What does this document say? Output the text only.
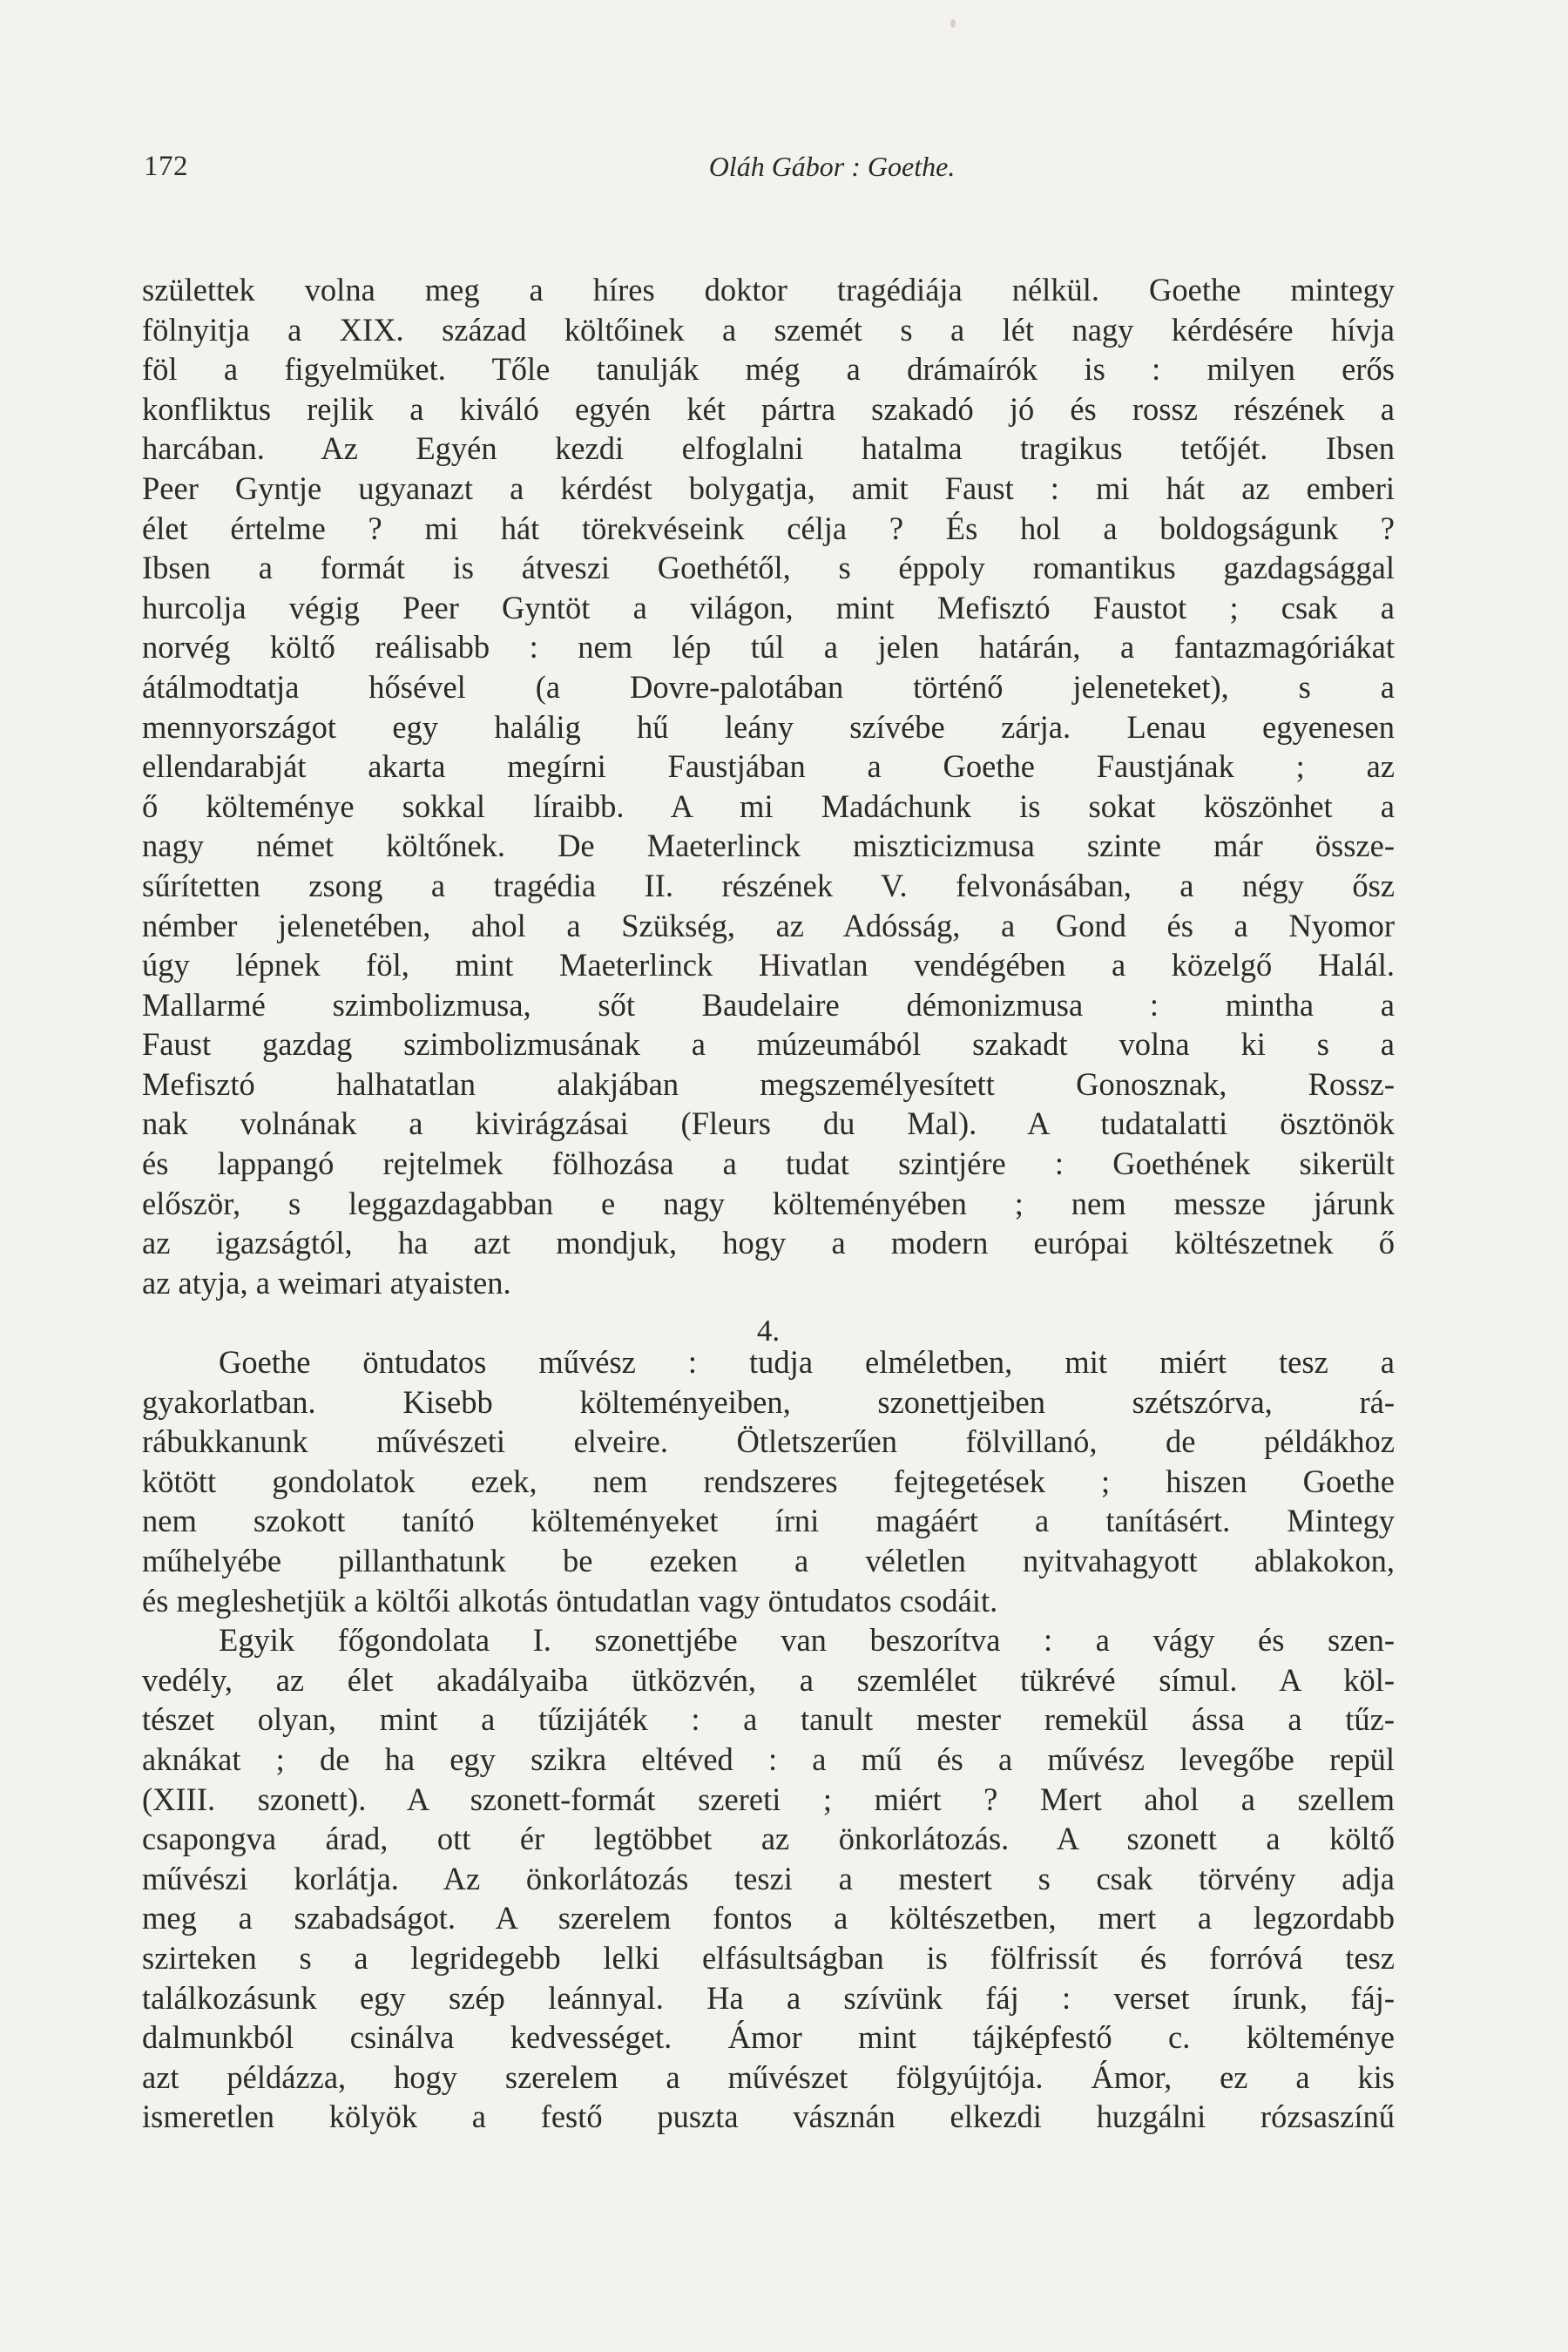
172	Oláh Gábor : Goethe.
születtek volna meg a híres doktor tragédiája nélkül. Goethe mintegy
fölnyitja a XIX. század költőinek a szemét s a lét nagy kérdésére hívja
föl a figyelmüket. Tőle tanulják még a drámaírók is : milyen erős
konfliktus rejlik a kiváló egyén két pártra szakadó jó és rossz részének a
harcában. Az Egyén kezdi elfoglalni hatalma tragikus tetőjét. Ibsen
Peer Gyntje ugyanazt a kérdést bolygatja, amit Faust : mi hát az emberi
élet értelme ? mi hát törekvéseink célja ? És hol a boldogságunk ?
Ibsen a formát is átveszi Goethétől, s éppoly romantikus gazdagsággal
hurcolja végig Peer Gyntöt a világon, mint Mefisztó Faustot ; csak a
norvég költő reálisabb : nem lép túl a jelen határán, a fantazmagóriákat
átálmodtatja hősével (a Dovre-palotában történő jeleneteket), s a
mennyországot egy halálig hű leány szívébe zárja. Lenau egyenesen
ellendarabját akarta megírni Faustjában a Goethe Faustjának ; az
ő költeménye sokkal líraibb. A mi Madáchunk is sokat köszönhet a
nagy német költőnek. De Maeterlinck miszticizmusa szinte már össze-
sűrítetten zsong a tragédia II. részének V. felvonásában, a négy ősz
némber jelenetében, ahol a Szükség, az Adósság, a Gond és a Nyomor
úgy lépnek föl, mint Maeterlinck Hivatlan vendégében a közelgő Halál.
Mallarmé szimbolizmusa, sőt Baudelaire démonizmusa : mintha a
Faust gazdag szimbolizmusának a múzeumából szakadt volna ki s a
Mefisztó halhatatlan alakjában megszemélyesített Gonosznak, Rossz-
nak volnának a kivirágzásai (Fleurs du Mal). A tudatalatti ösztönök
és lappangó rejtelmek fölhozása a tudat szintjére : Goethének sikerült
először, s leggazdagabban e nagy költeményében ; nem messze járunk
az igazságtól, ha azt mondjuk, hogy a modern európai költészetnek ő
az atyja, a weimari atyaisten.
4.
Goethe öntudatos művész : tudja elméletben, mit miért tesz a
gyakorlatban. Kisebb költeményeiben, szonettjeiben szétszórva, rá-
rábukkanunk művészeti elveire. Ötletszerűen fölvillanó, de példákhoz
kötött gondolatok ezek, nem rendszeres fejtegetések ; hiszen Goethe
nem szokott tanító költeményeket írni magáért a tanításért. Mintegy
műhelyébe pillanthatunk be ezeken a véletlen nyitvahagyott ablakokon,
és megleshetjük a költői alkotás öntudatlan vagy öntudatos csodáit.
Egyik főgondolata I. szonettjébe van beszorítva : a vágy és szen-
vedély, az élet akadályaiba ütközvén, a szemlélet tükrévé símul. A köl-
tészet olyan, mint a tűzijáték : a tanult mester remekül ássa a tűz-
aknákat ; de ha egy szikra eltéved : a mű és a művész levegőbe repül
(XIII. szonett). A szonett-formát szereti ; miért ? Mert ahol a szellem
csapongva árad, ott ér legtöbbet az önkorlátozás. A szonett a költő
művészi korlátja. Az önkorlátozás teszi a mestert s csak törvény adja
meg a szabadságot. A szerelem fontos a költészetben, mert a legzordabb
szirteken s a legridegebb lelki elfásultságban is fölfrissít és forróvá tesz
találkozásunk egy szép leánnyal. Ha a szívünk fáj : verset írunk, fáj-
dalmunkból csinálva kedvességet. Ámor mint tájképfestő c. költeménye
azt példázza, hogy szerelem a művészet fölgyújtója. Ámor, ez a kis
ismeretlen kölyök a festő puszta vásznán elkezdi huzgálni rózsaszínű
